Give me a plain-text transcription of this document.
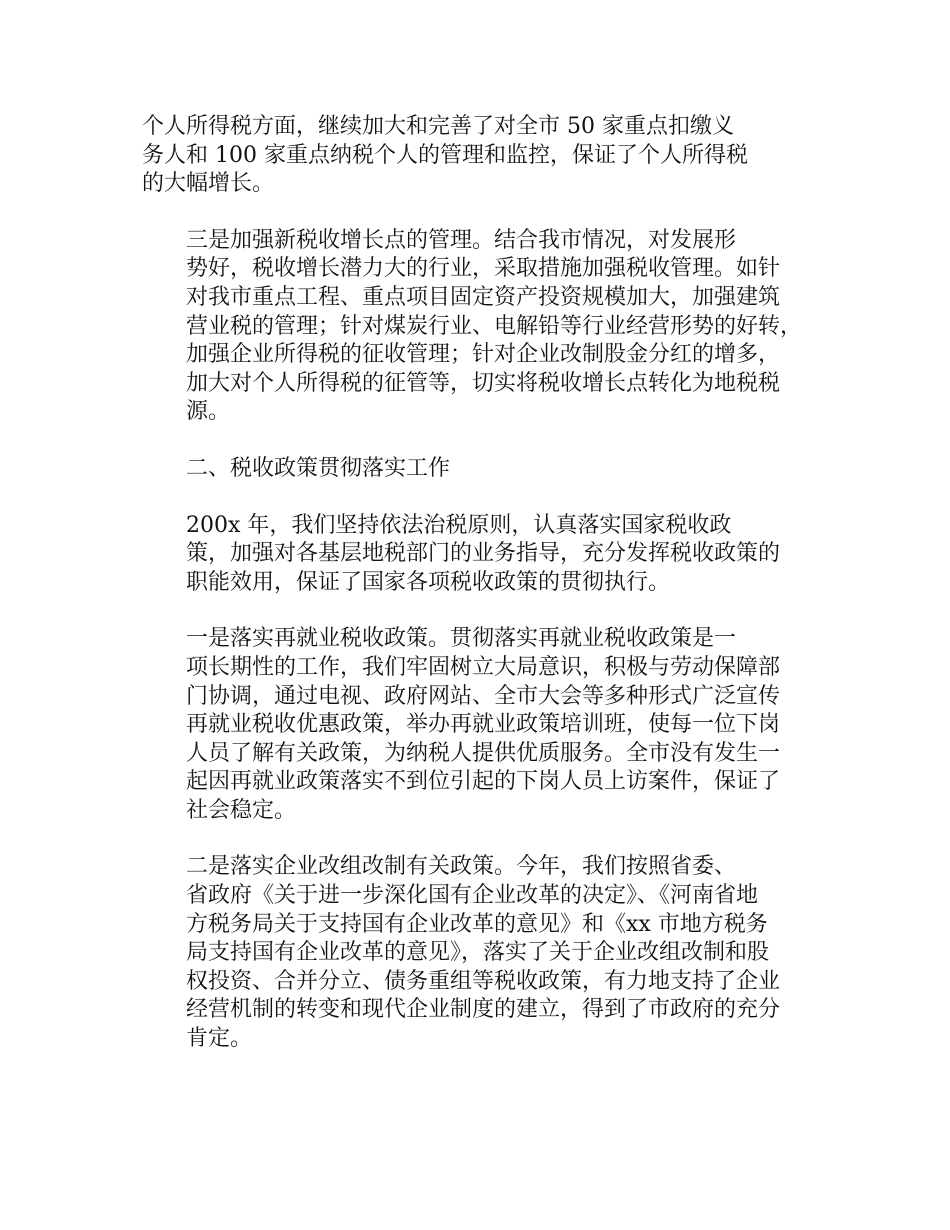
个人所得税方面，继续加大和完善了对全市 50 家重点扣缴义
务人和 100 家重点纳税个人的管理和监控，保证了个人所得税
的大幅增长。

三是加强新税收增长点的管理。结合我市情况，对发展形
势好，税收增长潜力大的行业，采取措施加强税收管理。如针
对我市重点工程、重点项目固定资产投资规模加大，加强建筑
营业税的管理；针对煤炭行业、电解铅等行业经营形势的好转，
加强企业所得税的征收管理；针对企业改制股金分红的增多，
加大对个人所得税的征管等，切实将税收增长点转化为地税税
源。

二、税收政策贯彻落实工作

200x 年，我们坚持依法治税原则，认真落实国家税收政
策，加强对各基层地税部门的业务指导，充分发挥税收政策的
职能效用，保证了国家各项税收政策的贯彻执行。

一是落实再就业税收政策。贯彻落实再就业税收政策是一
项长期性的工作，我们牢固树立大局意识，积极与劳动保障部
门协调，通过电视、政府网站、全市大会等多种形式广泛宣传
再就业税收优惠政策，举办再就业政策培训班，使每一位下岗
人员了解有关政策，为纳税人提供优质服务。全市没有发生一
起因再就业政策落实不到位引起的下岗人员上访案件，保证了
社会稳定。

二是落实企业改组改制有关政策。今年，我们按照省委、
省政府《关于进一步深化国有企业改革的决定》、《河南省地
方税务局关于支持国有企业改革的意见》和《xx 市地方税务
局支持国有企业改革的意见》，落实了关于企业改组改制和股
权投资、合并分立、债务重组等税收政策，有力地支持了企业
经营机制的转变和现代企业制度的建立，得到了市政府的充分
肯定。
